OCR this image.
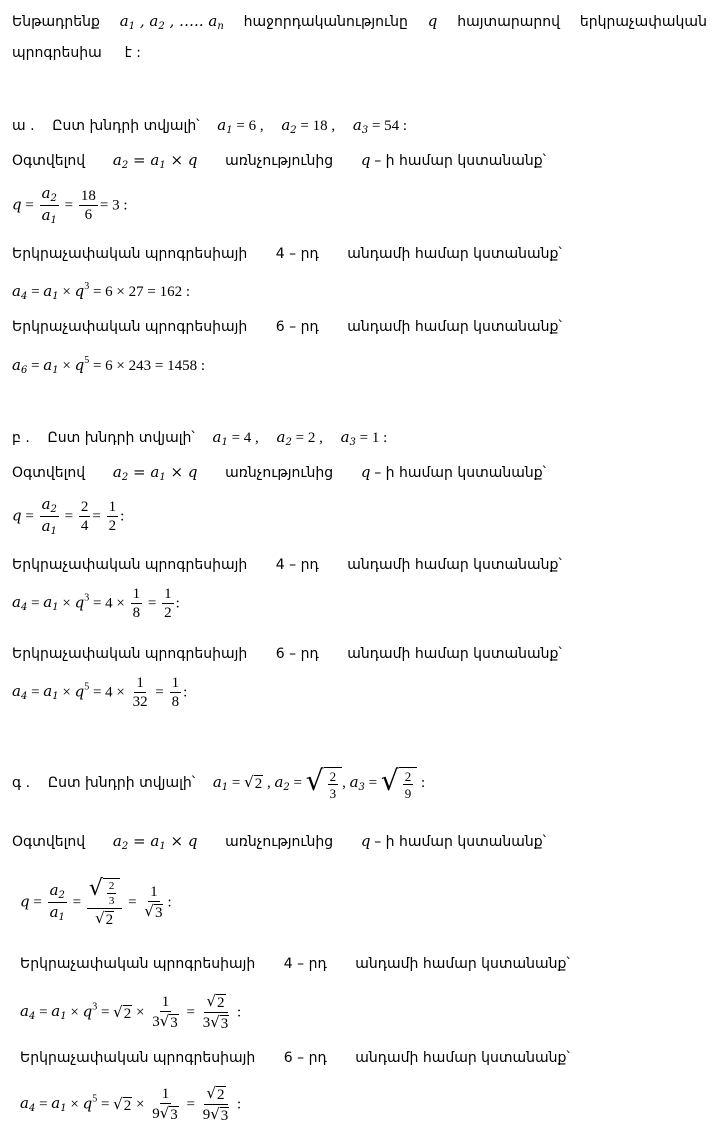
Ենթադրենք $a_1$ , $a_2$ , ….. $a_n$ հաջորդականությունը q հայտարարով երկրաչափական
պրոգրեսիա է :
ա . Ըստ խնդրի տվյալի՝ $a_1 = 6$ , $a_2 = 18$ , $a_3 = 54$ :
Օգտվելով $a_2 = a_1 \times q$ առնչությունից q – ի համար կստանանք՝
$q = \frac{a_2}{a_1} = \frac{18}{6} = 3$ :
Երկրաչափական պրոգրեսիայի 4 – րդ անդամի համար կստանանք՝
$a_4 = a_1 \times q^3 = 6 \times 27 = 162$ :
Երկրաչափական պրոգրեսիայի 6 – րդ անդամի համար կստանանք՝
$a_6 = a_1 \times q^5 = 6 \times 243 = 1458$ :
բ . Ըստ խնդրի տվյալի՝ $a_1 = 4$ , $a_2 = 2$ , $a_3 = 1$ :
Օգտվելով $a_2 = a_1 \times q$ առնչությունից q – ի համար կստանանք՝
$q = \frac{a_2}{a_1} = \frac{2}{4} = \frac{1}{2}$ :
Երկրաչափական պրոգրեսիայի 4 – րդ անդամի համար կստանանք՝
$a_4 = a_1 \times q^3 = 4 \times \frac{1}{8} = \frac{1}{2}$ :
Երկրաչափական պրոգրեսիայի 6 – րդ անդամի համար կստանանք՝
$a_4 = a_1 \times q^5 = 4 \times \frac{1}{32} = \frac{1}{8}$ :
գ . Ըստ խնդրի տվյալի՝ $a_1$ = √ 2 , $a_2$ = √ $\frac{2}{3}$ , $a_3$ = √ $\frac{2}{9}$ :
Օգտվելով $a_2 = a_1 \times q$ առնչությունից q – ի համար կստանանք՝
$q = \frac{a_2}{a_1} = \frac{√ \frac{2}{3}}{√ 2} = \frac{1}{√ 3}$ :
Երկրաչափական պրոգրեսիայի 4 – րդ անդամի համար կստանանք՝
$a_4 = a_1 \times q^3$ = √ $2 \times \frac{1}{3 √ 3} = \frac{√ 2}{3 √ 3}$ :
Երկրաչափական պրոգրեսիայի 6 – րդ անդամի համար կստանանք՝
$a_4 = a_1 \times q^5$ = √ $2 \times \frac{1}{9 √ 3} = \frac{√ 2}{9 √ 3}$ :
